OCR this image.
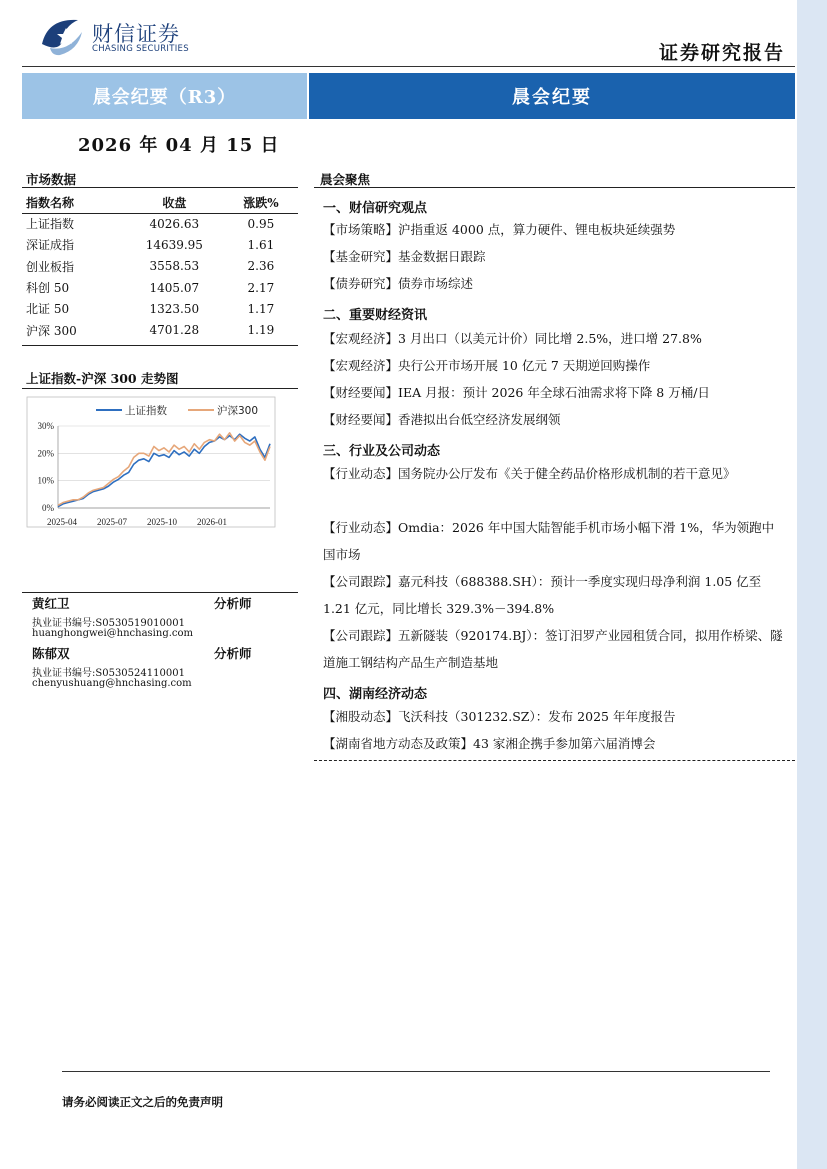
财信证券
CHASING SECURITIES	证券研究报告
晨会纪要（R3）	晨会纪要
2026 年 04 月 15 日
市场数据
指数名称	收盘	涨跌%
上证指数	4026.63	0.95
深证成指	14639.95	1.61
创业板指	3558.53	2.36
科创 50	1405.07	2.17
北证 50	1323.50	1.17
沪深 300	4701.28	1.19
上证指数-沪深 300 走势图
0%
10%
20%
30%
2025-04 2025-07 2025-10 2026-01
上证指数	沪深300
黄红卫	分析师
执业证书编号:S0530519010001
huanghongwei@hnchasing.com
陈郁双	分析师
执业证书编号:S0530524110001
chenyushuang@hnchasing.com
晨会聚焦
一、财信研究观点
【市场策略】沪指重返 4000 点，算力硬件、锂电板块延续强势
【基金研究】基金数据日跟踪
【债券研究】债券市场综述
二、重要财经资讯
【宏观经济】3 月出口（以美元计价）同比增 2.5%，进口增 27.8%
【宏观经济】央行公开市场开展 10 亿元 7 天期逆回购操作
【财经要闻】IEA 月报：预计 2026 年全球石油需求将下降 8 万桶/日
【财经要闻】香港拟出台低空经济发展纲领
三、行业及公司动态
【行业动态】国务院办公厅发布《关于健全药品价格形成机制的若干意见》
【行业动态】Omdia：2026 年中国大陆智能手机市场小幅下滑 1%，华为领跑中国市场
【公司跟踪】嘉元科技（688388.SH）：预计一季度实现归母净利润 1.05 亿至 1.21 亿元，同比增长 329.3%－394.8%
【公司跟踪】五新隧装（920174.BJ）：签订汨罗产业园租赁合同，拟用作桥梁、隧道施工钢结构产品生产制造基地
四、湖南经济动态
【湘股动态】飞沃科技（301232.SZ）：发布 2025 年年度报告
【湖南省地方动态及政策】43 家湘企携手参加第六届消博会
请务必阅读正文之后的免责声明
